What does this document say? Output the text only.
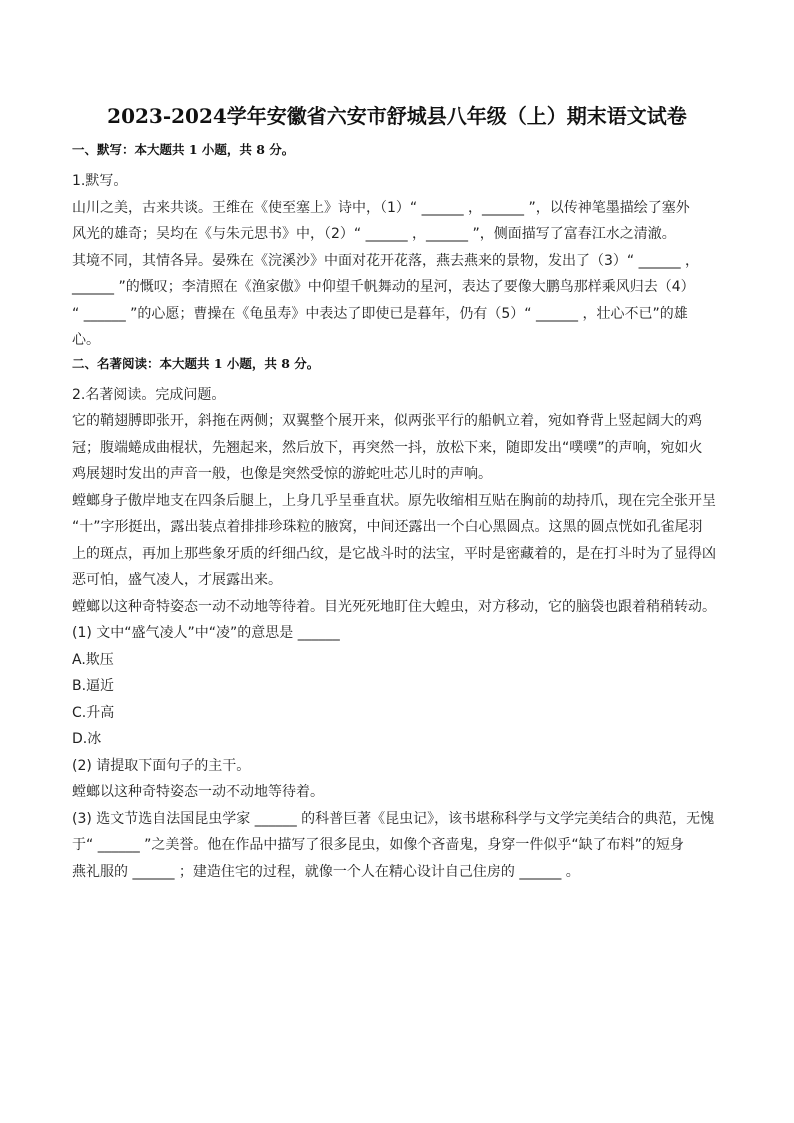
2023-2024学年安徽省六安市舒城县八年级（上）期末语文试卷
一、默写：本大题共 1 小题，共 8 分。

1.默写。

山川之美，古来共谈。王维在《使至塞上》诗中，（1）“ ______ ，______ ”，以传神笔墨描绘了塞外

风光的雄奇；吴均在《与朱元思书》中，（2）“ ______ ，______ ”，侧面描写了富春江水之清澈。

其境不同，其情各异。晏殊在《浣溪沙》中面对花开花落，燕去燕来的景物，发出了（3）“ ______ ，

______ ”的慨叹；李清照在《渔家傲》中仰望千帆舞动的星河，表达了要像大鹏鸟那样乘风归去（4）

“ ______ ”的心愿；曹操在《龟虽寿》中表达了即使已是暮年，仍有（5）“ ______ ，壮心不已”的雄

心。

二、名著阅读：本大题共 1 小题，共 8 分。

2.名著阅读。完成问题。

它的鞘翅膊即张开，斜拖在两侧；双翼整个展开来，似两张平行的船帆立着，宛如脊背上竖起阔大的鸡

冠；腹端蜷成曲棍状，先翘起来，然后放下，再突然一抖，放松下来，随即发出“噗噗”的声响，宛如火

鸡展翅时发出的声音一般，也像是突然受惊的游蛇吐芯儿时的声响。

螳螂身子傲岸地支在四条后腿上，上身几乎呈垂直状。原先收缩相互贴在胸前的劫持爪，现在完全张开呈

“十”字形挺出，露出装点着排排珍珠粒的腋窝，中间还露出一个白心黑圆点。这黑的圆点恍如孔雀尾羽

上的斑点，再加上那些象牙质的纤细凸纹，是它战斗时的法宝，平时是密藏着的，是在打斗时为了显得凶

恶可怕，盛气凌人，才展露出来。

螳螂以这种奇特姿态一动不动地等待着。目光死死地盯住大蝗虫，对方移动，它的脑袋也跟着稍稍转动。

(1) 文中“盛气凌人”中“凌”的意思是 ______

A.欺压

B.逼近

C.升高

D.冰

(2) 请提取下面句子的主干。

螳螂以这种奇特姿态一动不动地等待着。

(3) 选文节选自法国昆虫学家 ______ 的科普巨著《昆虫记》，该书堪称科学与文学完美结合的典范，无愧

于“ ______ ”之美誉。他在作品中描写了很多昆虫，如像个吝啬鬼，身穿一件似乎“缺了布料”的短身

燕礼服的 ______ ；建造住宅的过程，就像一个人在精心设计自己住房的 ______ 。
